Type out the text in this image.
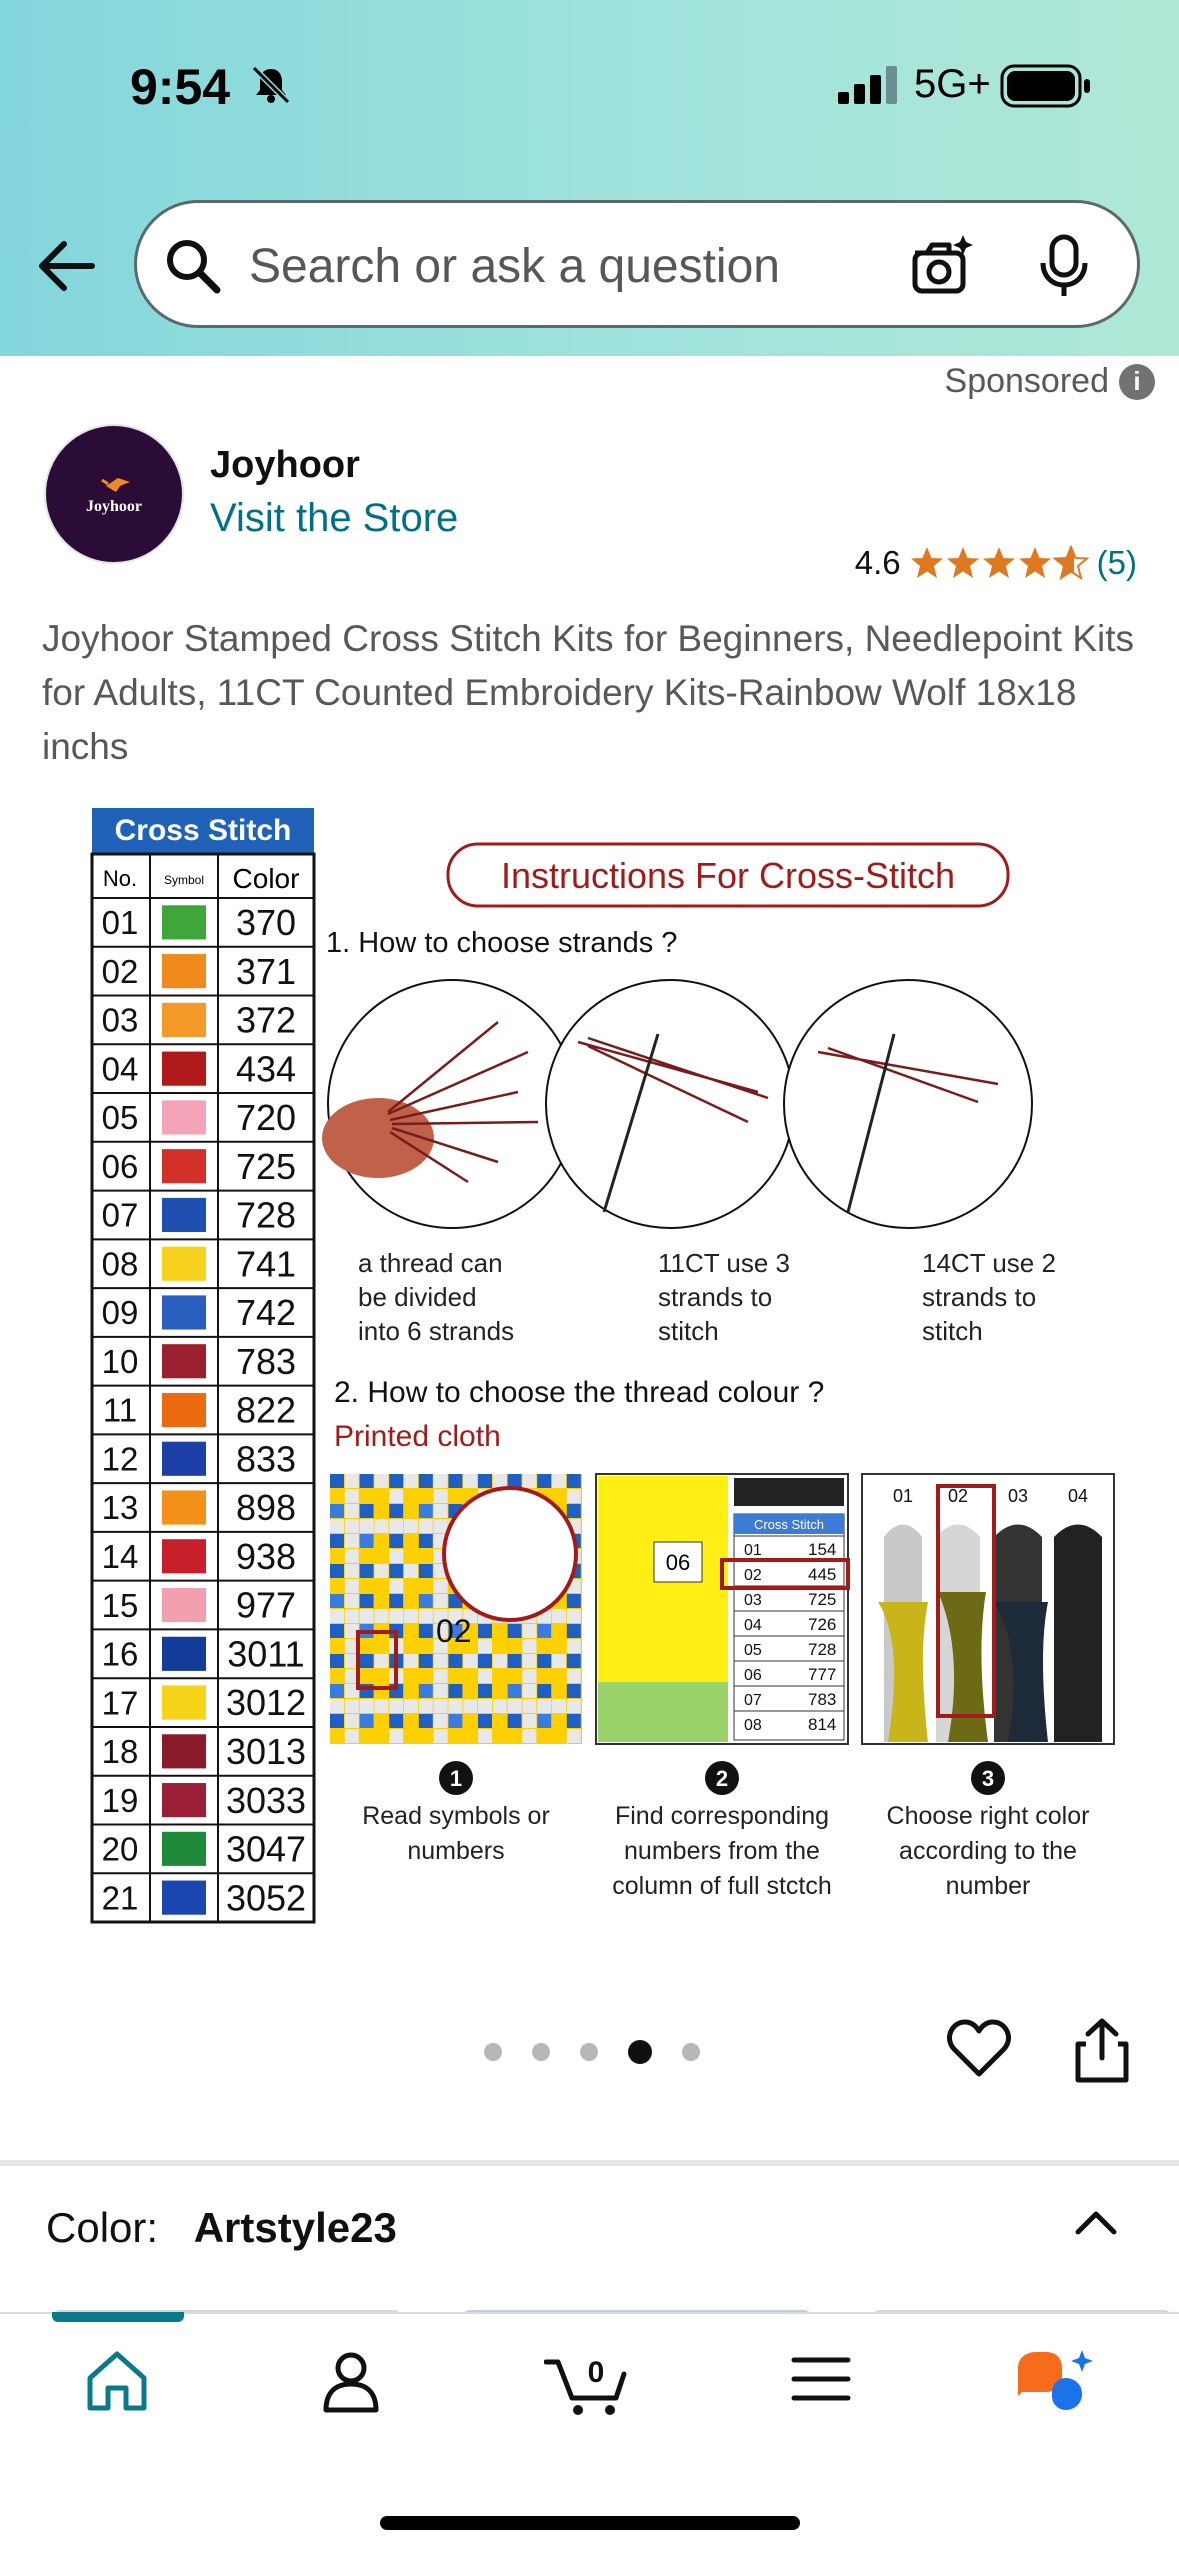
9:54	5G+
Search or ask a question
Sponsored i
Joyhoor
Joyhoor
Visit the Store
4.6	(5)
Joyhoor Stamped Cross Stitch Kits for Beginners, Needlepoint Kits for Adults, 11CT Counted Embroidery Kits-Rainbow Wolf 18x18 inchs
Cross Stitch
No. Symbol Color
01	370
02	371
03	372
04	434
05	720
06	725
07	728
08	741
09	742
10	783
11	822
12	833
13	898
14	938
15	977
16 3011
17 3012
18 3013
19 3033
20 3047
21 3052
Instructions For Cross-Stitch
1. How to choose strands ?
a thread can
be divided
into 6 strands
11CT use 3
strands to
stitch
14CT use 2
strands to
stitch
2. How to choose the thread colour ?
Printed cloth
02
06
Cross Stitch
01	154
02	445
03	725
04	726
05	728
06	777
07	783
08	814
01 02 03 04
1	2	3
Read symbols or
numbers
Find corresponding
numbers from the
column of full stctch
Choose right color
according to the
number
Color: Artstyle23
0
